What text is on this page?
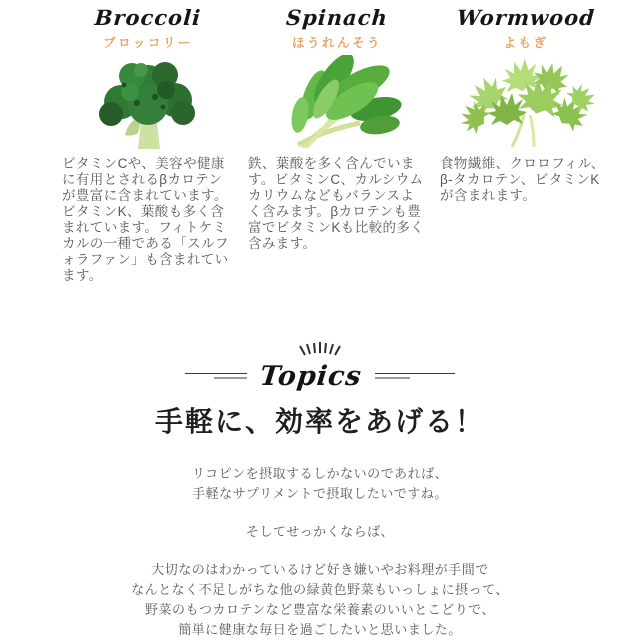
Broccoli
ブロッコリー

ビタミンCや、美容や健康に有用とされるβカロテンが豊富に含まれています。ビタミンK、葉酸も多く含まれています。フィトケミカルの一種である「スルフォラファン」も含まれています。

Spinach
ほうれんそう

鉄、葉酸を多く含んでいます。ビタミンC、カルシウムカリウムなどもバランスよく含みます。βカロテンも豊富でビタミンKも比較的多く含みます。

Wormwood
よもぎ

食物繊維、クロロフィル、β-タカロテン、ビタミンKが含まれます。

Topics
手軽に、効率をあげる！

リコピンを摂取するしかないのであれば、

手軽なサプリメントで摂取したいですね。

そしてせっかくならば、

大切なのはわかっているけど好き嫌いやお料理が手間で

なんとなく不足しがちな他の緑黄色野菜もいっしょに摂って、

野菜のもつカロテンなど豊富な栄養素のいいとこどりで、

簡単に健康な毎日を過ごしたいと思いました。
